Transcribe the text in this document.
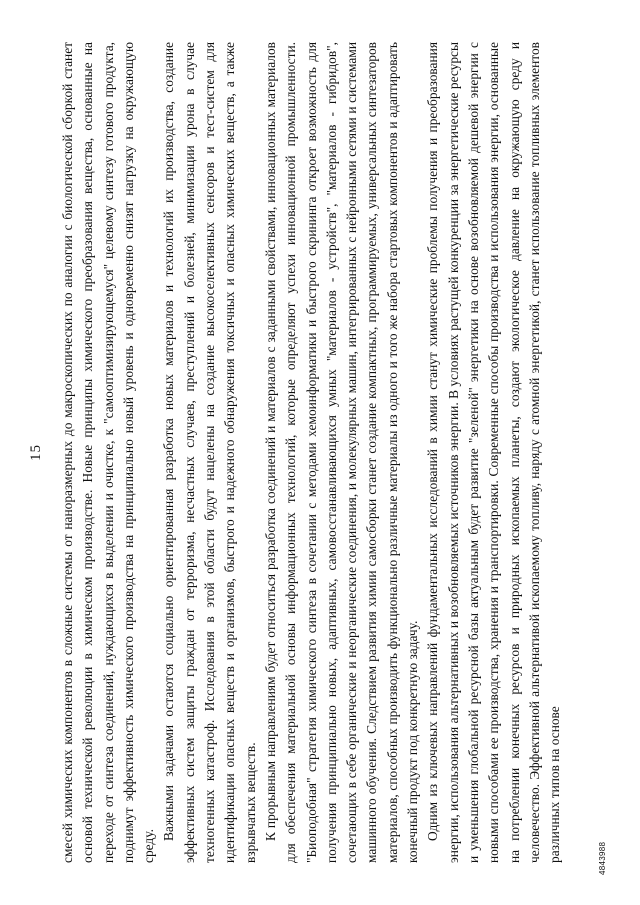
15 смесей химических компонентов в сложные системы от наноразмерных до макроскопических по аналогии с биологической сборкой станет основой технической революции в химическом производстве. Новые принципы химического преобразования вещества, основанные на переходе от синтеза соединений, нуждающихся в выделении и очистке, к "самооптимизирующемуся" целевому синтезу готового продукта, поднимут эффективность химического производства на принципиально новый уровень и одновременно снизят нагрузку на окружающую среду.

Важными задачами остаются социально ориентированная разработка новых материалов и технологий их производства, создание эффективных систем защиты граждан от терроризма, несчастных случаев, преступлений и болезней, минимизации урона в случае техногенных катастроф. Исследования в этой области будут нацелены на создание высокоселективных сенсоров и тест-систем для идентификации опасных веществ и организмов, быстрого и надежного обнаружения токсичных и опасных химических веществ, а также взрывчатых веществ. К прорывным направлениям будет относиться разработка соединений и материалов с заданными свойствами, инновационных материалов для обеспечения материальной основы информационных технологий, которые определяют успехи инновационной промышленности. "Биоподобная" стратегия химического синтеза в сочетании с методами хемоинформатики и быстрого скрининга откроет возможность для получения принципиально новых, адаптивных, самовосстанавливающихся умных "материалов - устройств", "материалов - гибридов", сочетающих в себе органические и неорганические соединения, и молекулярных машин, интегрированных с нейронными сетями и системами машинного обучения. Следствием развития химии самосборки станет создание компактных, программируемых, универсальных синтезаторов материалов, способных производить функционально различные материалы из одного и того же набора стартовых компонентов и адаптировать конечный продукт под конкретную задачу. Одним из ключевых направлений фундаментальных исследований в химии станут химические проблемы получения и преобразования энергии, использования альтернативных и возобновляемых источников энергии. В условиях растущей конкуренции за энергетические ресурсы и уменьшения глобальной ресурсной базы актуальным будет развитие "зеленой" энергетики на основе возобновляемой дешевой энергии с новыми способами ее производства, хранения и транспортировки. Современные способы производства и использования энергии, основанные на потреблении конечных ресурсов и природных ископаемых планеты, создают экологическое давление на окружающую среду и человечество. Эффективной альтернативой ископаемому топливу, наряду с атомной энергетикой, станет использование топливных элементов различных типов на основе	4843988
